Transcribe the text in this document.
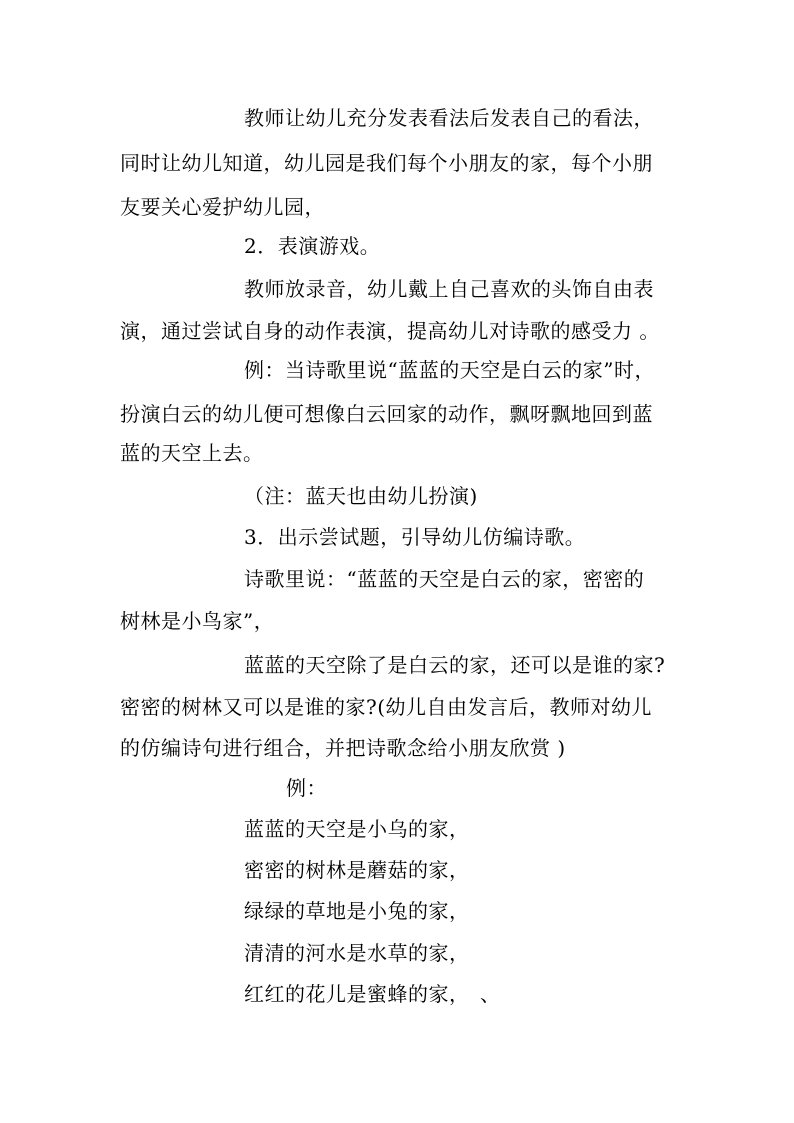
教师让幼儿充分发表看法后发表自己的看法，
同时让幼儿知道，幼儿园是我们每个小朋友的家，每个小朋
友要关心爱护幼儿园，
2．表演游戏。
教师放录音，幼儿戴上自己喜欢的头饰自由表
演，通过尝试自身的动作表演，提高幼儿对诗歌的感受力 。
例：当诗歌里说“蓝蓝的天空是白云的家”时，
扮演白云的幼儿便可想像白云回家的动作，飘呀飘地回到蓝
蓝的天空上去。
（注：蓝天也由幼儿扮演)
3．出示尝试题，引导幼儿仿编诗歌。
诗歌里说：“蓝蓝的天空是白云的家，密密的
树林是小鸟家”，
蓝蓝的天空除了是白云的家，还可以是谁的家?
密密的树林又可以是谁的家?(幼儿自由发言后，教师对幼儿
的仿编诗句进行组合，并把诗歌念给小朋友欣赏 )
例：
蓝蓝的天空是小乌的家，
密密的树林是蘑菇的家，
绿绿的草地是小兔的家，
清清的河水是水草的家，
红红的花儿是蜜蜂的家，　、
